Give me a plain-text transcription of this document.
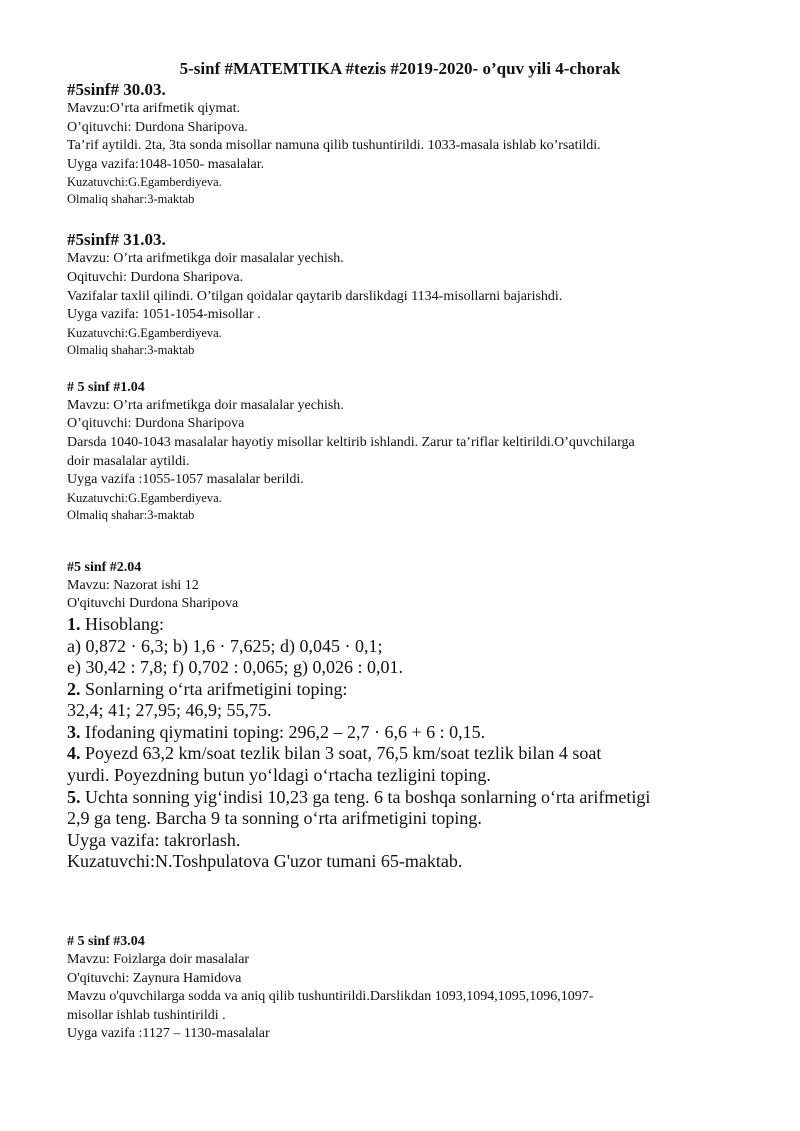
5-sinf #MATEMTIKA #tezis #2019-2020- o’quv yili 4-chorak

#5sinf# 30.03.

Mavzu:O’rta arifmetik qiymat.

O’qituvchi: Durdona Sharipova.

Ta’rif aytildi. 2ta, 3ta sonda misollar namuna qilib tushuntirildi. 1033-masala ishlab ko’rsatildi.

Uyga vazifa:1048-1050- masalalar.

Kuzatuvchi:G.Egamberdiyeva.

Olmaliq shahar:3-maktab

#5sinf# 31.03.

Mavzu: O’rta arifmetikga doir masalalar yechish.

Oqituvchi: Durdona Sharipova.

Vazifalar taxlil qilindi. O’tilgan qoidalar qaytarib darslikdagi 1134-misollarni bajarishdi.

Uyga vazifa: 1051-1054-misollar .

Kuzatuvchi:G.Egamberdiyeva.

Olmaliq shahar:3-maktab

# 5 sinf #1.04

Mavzu: O’rta arifmetikga doir masalalar yechish.

O’qituvchi: Durdona Sharipova

Darsda 1040-1043 masalalar hayotiy misollar keltirib ishlandi. Zarur ta’riflar keltirildi.O’quvchilarga

doir masalalar aytildi.

Uyga vazifa :1055-1057 masalalar berildi.

Kuzatuvchi:G.Egamberdiyeva.

Olmaliq shahar:3-maktab

#5 sinf #2.04

Mavzu: Nazorat ishi 12

O'qituvchi Durdona Sharipova

1. Hisoblang:

a) 0,872 · 6,3; b) 1,6 · 7,625; d) 0,045 · 0,1;

e) 30,42 : 7,8; f) 0,702 : 0,065; g) 0,026 : 0,01.

2. Sonlarning o‘rta arifmetigini toping:

32,4; 41; 27,95; 46,9; 55,75.

3. Ifodaning qiymatini toping: 296,2 – 2,7 · 6,6 + 6 : 0,15.

4. Poyezd 63,2 km/soat tezlik bilan 3 soat, 76,5 km/soat tezlik bilan 4 soat

yurdi. Poyezdning butun yo‘ldagi o‘rtacha tezligini toping.

5. Uchta sonning yig‘indisi 10,23 ga teng. 6 ta boshqa sonlarning o‘rta arifmetigi

2,9 ga teng. Barcha 9 ta sonning o‘rta arifmetigini toping.

Uyga vazifa: takrorlash.

Kuzatuvchi:N.Toshpulatova G'uzor tumani 65-maktab.

# 5 sinf #3.04

Mavzu: Foizlarga doir masalalar

O'qituvchi: Zaynura Hamidova

Mavzu o'quvchilarga sodda va aniq qilib tushuntirildi.Darslikdan 1093,1094,1095,1096,1097-

misollar ishlab tushintirildi .

Uyga vazifa :1127 – 1130-masalalar
